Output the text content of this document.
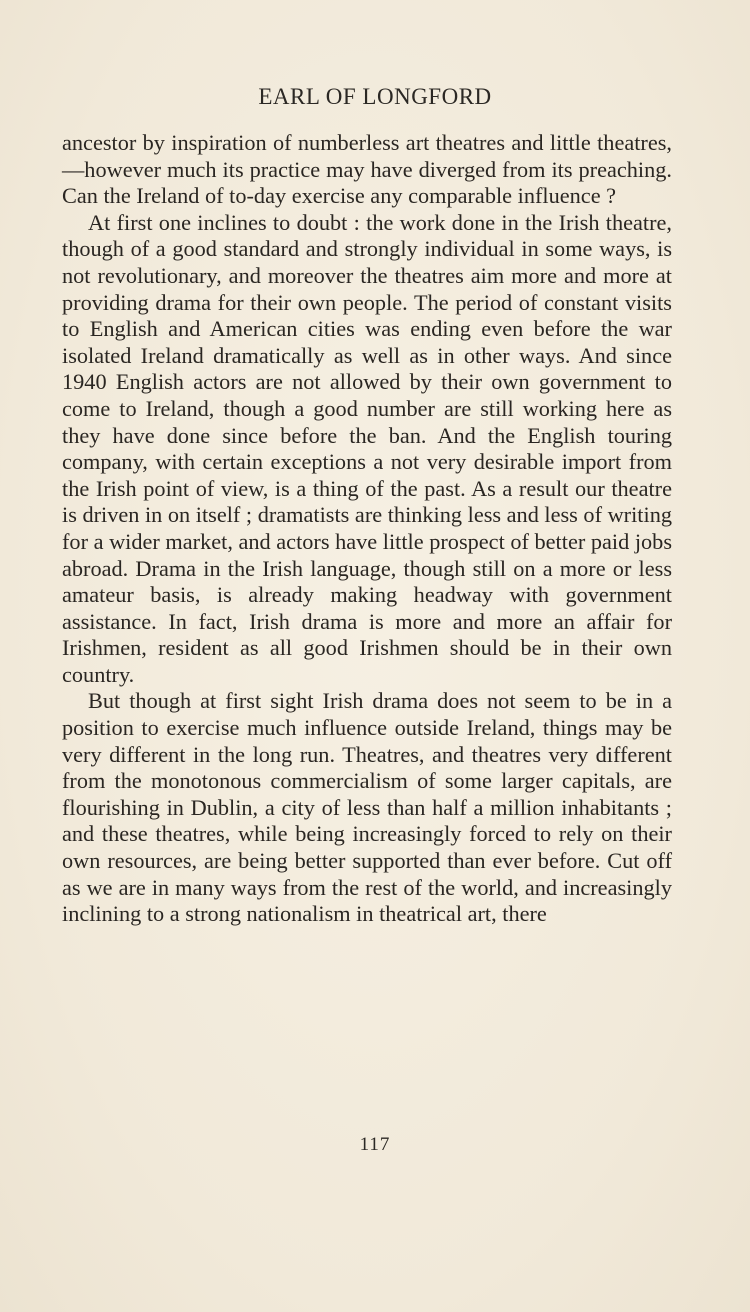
EARL OF LONGFORD

ancestor by inspiration of numberless art theatres and little theatres,—however much its practice may have diverged from its preaching. Can the Ireland of to-day exercise any comparable influence ?

At first one inclines to doubt : the work done in the Irish theatre, though of a good standard and strongly individual in some ways, is not revolutionary, and moreover the theatres aim more and more at providing drama for their own people. The period of constant visits to English and American cities was ending even before the war isolated Ireland dramatically as well as in other ways. And since 1940 English actors are not allowed by their own government to come to Ireland, though a good number are still working here as they have done since before the ban. And the English touring company, with certain exceptions a not very desirable import from the Irish point of view, is a thing of the past. As a result our theatre is driven in on itself ; dramatists are thinking less and less of writing for a wider market, and actors have little prospect of better paid jobs abroad. Drama in the Irish language, though still on a more or less amateur basis, is already making headway with government assistance. In fact, Irish drama is more and more an affair for Irishmen, resident as all good Irishmen should be in their own country.

But though at first sight Irish drama does not seem to be in a position to exercise much influence outside Ireland, things may be very different in the long run. Theatres, and theatres very different from the monotonous commercialism of some larger capitals, are flourishing in Dublin, a city of less than half a million inhabitants ; and these theatres, while being increasingly forced to rely on their own resources, are being better supported than ever before. Cut off as we are in many ways from the rest of the world, and increasingly inclining to a strong nationalism in theatrical art, there

117
